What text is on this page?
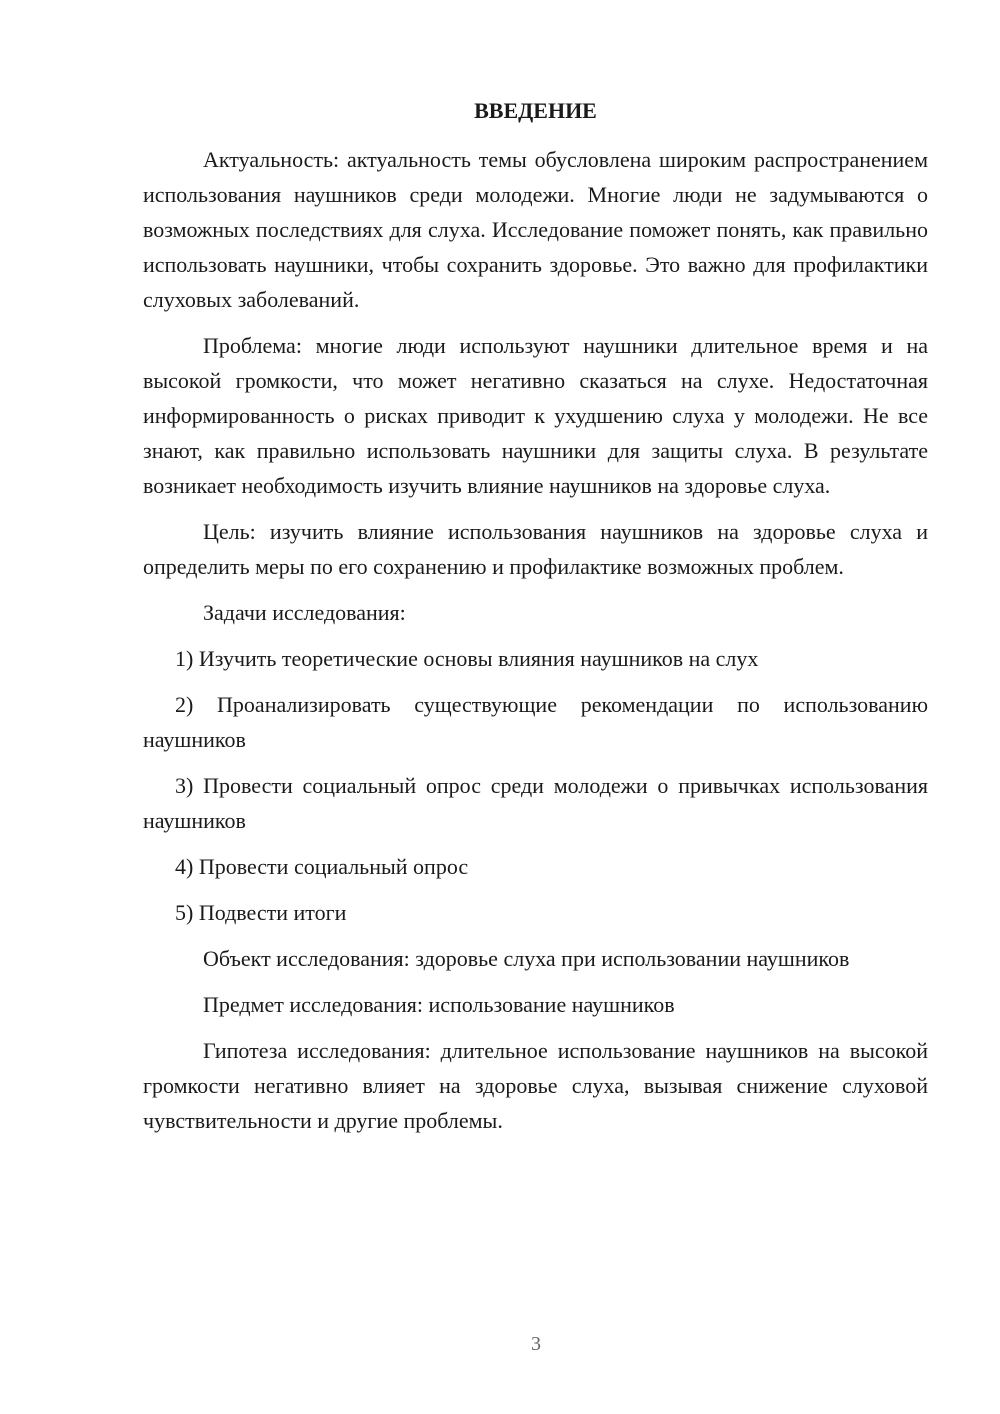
ВВЕДЕНИЕ

Актуальность: актуальность темы обусловлена широким распространением использования наушников среди молодежи. Многие люди не задумываются о возможных последствиях для слуха. Исследование поможет понять, как правильно использовать наушники, чтобы сохранить здоровье. Это важно для профилактики слуховых заболеваний.

Проблема: многие люди используют наушники длительное время и на высокой громкости, что может негативно сказаться на слухе. Недостаточная информированность о рисках приводит к ухудшению слуха у молодежи. Не все знают, как правильно использовать наушники для защиты слуха. В результате возникает необходимость изучить влияние наушников на здоровье слуха.

Цель: изучить влияние использования наушников на здоровье слуха и определить меры по его сохранению и профилактике возможных проблем.

Задачи исследования:

1) Изучить теоретические основы влияния наушников на слух

2) Проанализировать существующие рекомендации по использованию наушников

3) Провести социальный опрос среди молодежи о привычках использования наушников

4) Провести социальный опрос

5) Подвести итоги

Объект исследования: здоровье слуха при использовании наушников

Предмет исследования: использование наушников

Гипотеза исследования: длительное использование наушников на высокой громкости негативно влияет на здоровье слуха, вызывая снижение слуховой чувствительности и другие проблемы.

3
